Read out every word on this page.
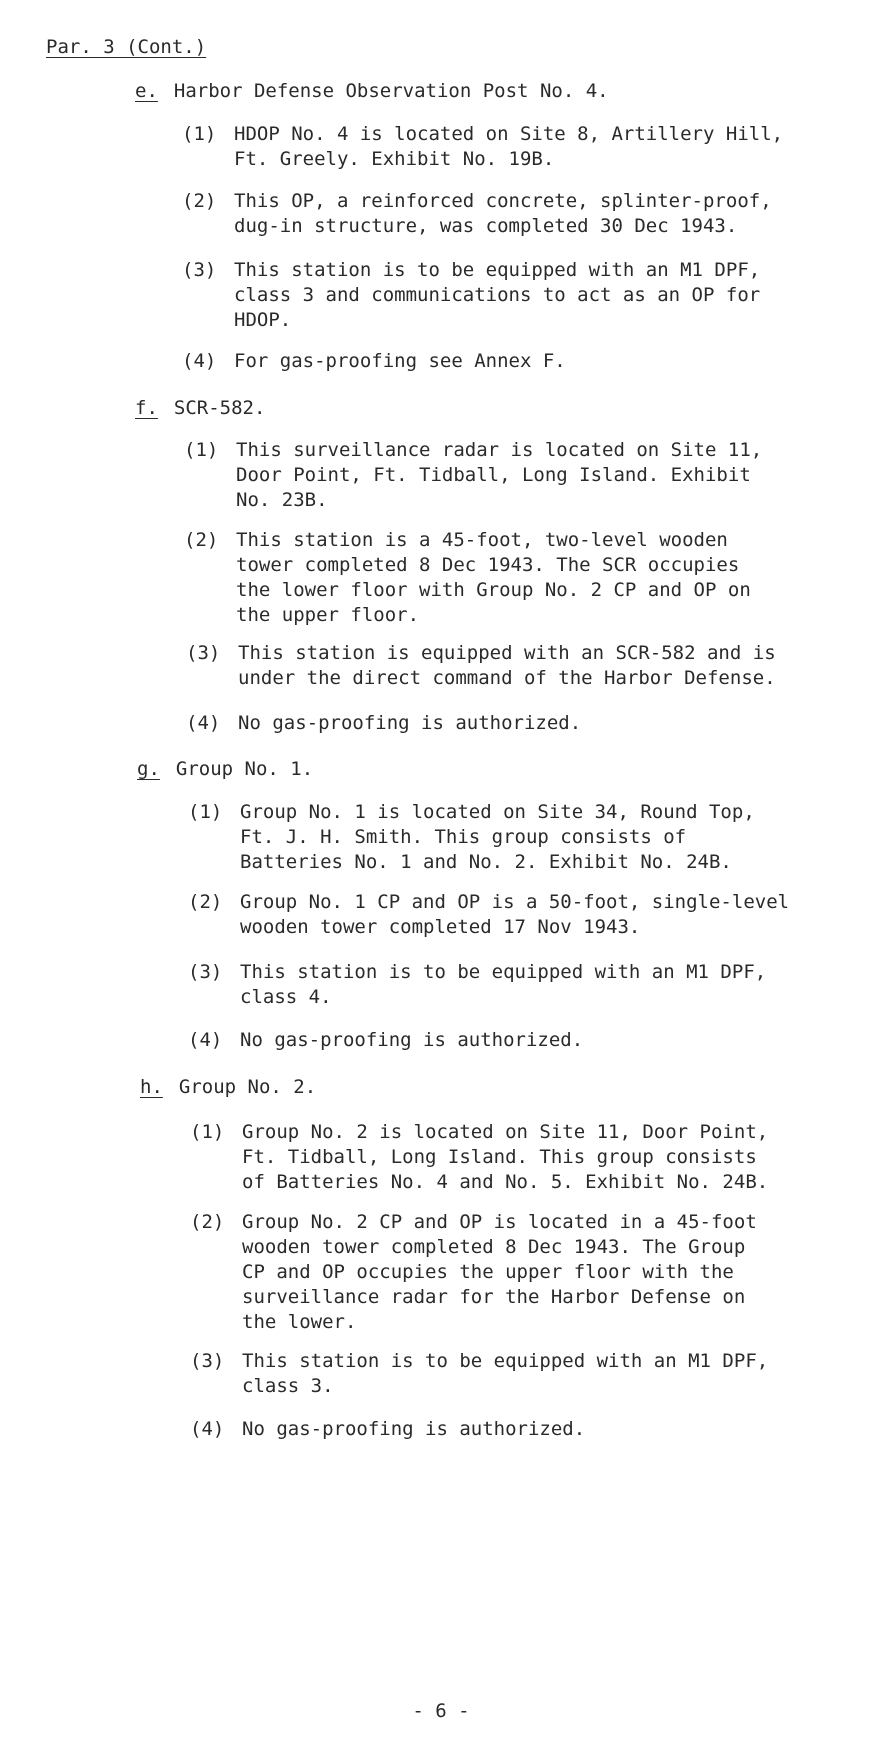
Par. 3 (Cont.)
e. Harbor Defense Observation Post No. 4.
(1) HDOP No. 4 is located on Site 8, Artillery Hill,
Ft. Greely. Exhibit No. 19B.
(2) This OP, a reinforced concrete, splinter-proof,
dug-in structure, was completed 30 Dec 1943.
(3) This station is to be equipped with an M1 DPF,
class 3 and communications to act as an OP for
HDOP.
(4) For gas-proofing see Annex F.
f. SCR-582.
(1) This surveillance radar is located on Site 11,
Door Point, Ft. Tidball, Long Island. Exhibit
No. 23B.
(2) This station is a 45-foot, two-level wooden
tower completed 8 Dec 1943. The SCR occupies
the lower floor with Group No. 2 CP and OP on
the upper floor.
(3) This station is equipped with an SCR-582 and is
under the direct command of the Harbor Defense.
(4) No gas-proofing is authorized.
g. Group No. 1.
(1) Group No. 1 is located on Site 34, Round Top,
Ft. J. H. Smith. This group consists of
Batteries No. 1 and No. 2. Exhibit No. 24B.
(2) Group No. 1 CP and OP is a 50-foot, single-level
wooden tower completed 17 Nov 1943.
(3) This station is to be equipped with an M1 DPF,
class 4.
(4) No gas-proofing is authorized.
h. Group No. 2.
(1) Group No. 2 is located on Site 11, Door Point,
Ft. Tidball, Long Island. This group consists
of Batteries No. 4 and No. 5. Exhibit No. 24B.
(2) Group No. 2 CP and OP is located in a 45-foot
wooden tower completed 8 Dec 1943. The Group
CP and OP occupies the upper floor with the
surveillance radar for the Harbor Defense on
the lower.
(3) This station is to be equipped with an M1 DPF,
class 3.
(4) No gas-proofing is authorized.
- 6 -
